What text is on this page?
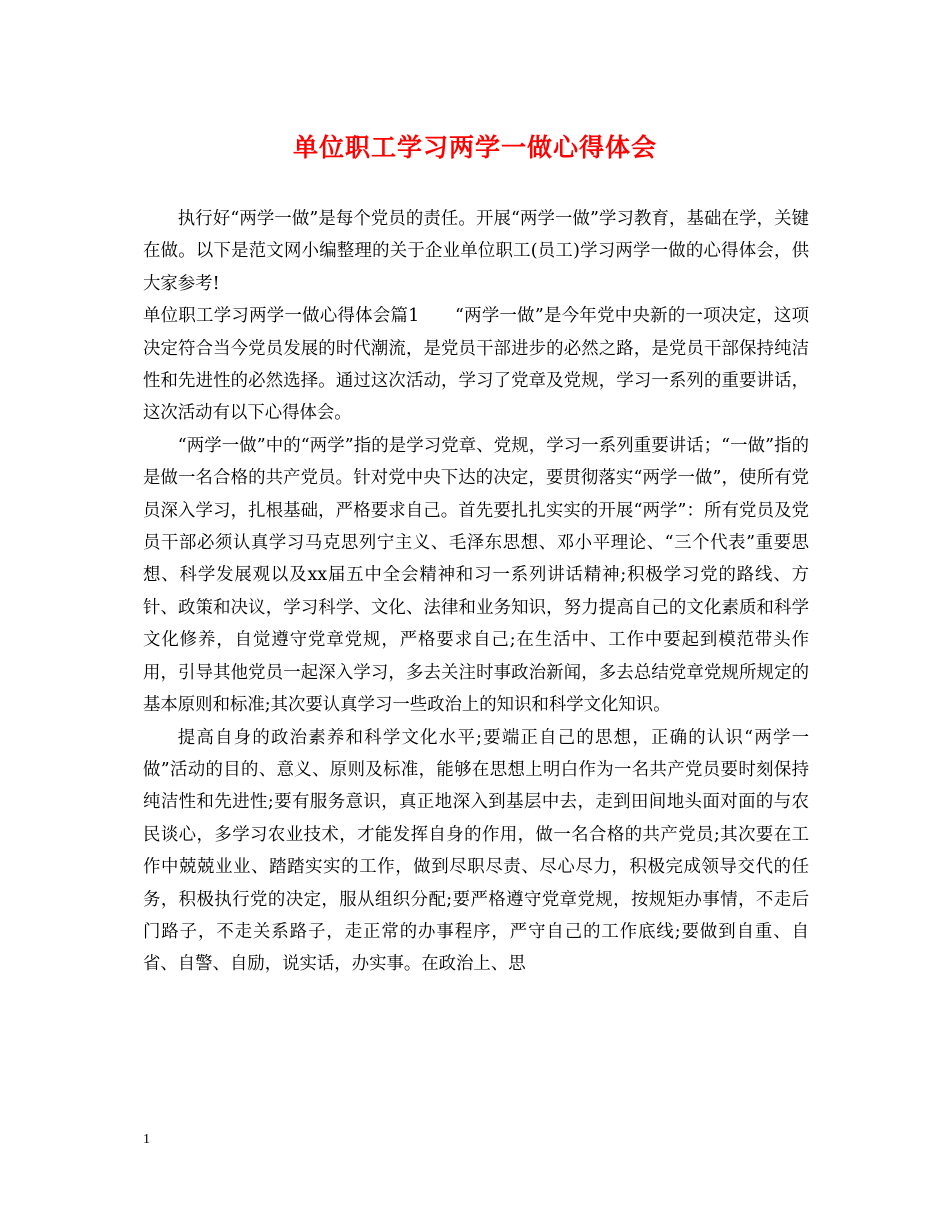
单位职工学习两学一做心得体会

执行好“两学一做”是每个党员的责任。开展“两学一做”学习教育，基础在学，关键在做。以下是范文网小编整理的关于企业单位职工(员工)学习两学一做的心得体会，供大家参考!

单位职工学习两学一做心得体会篇1　　“两学一做”是今年党中央新的一项决定，这项决定符合当今党员发展的时代潮流，是党员干部进步的必然之路，是党员干部保持纯洁性和先进性的必然选择。通过这次活动，学习了党章及党规，学习一系列的重要讲话，这次活动有以下心得体会。

“两学一做”中的“两学”指的是学习党章、党规，学习一系列重要讲话；“一做”指的是做一名合格的共产党员。针对党中央下达的决定，要贯彻落实“两学一做”，使所有党员深入学习，扎根基础，严格要求自己。首先要扎扎实实的开展“两学”：所有党员及党员干部必须认真学习马克思列宁主义、毛泽东思想、邓小平理论、“三个代表”重要思想、科学发展观以及xx届五中全会精神和习一系列讲话精神;积极学习党的路线、方针、政策和决议，学习科学、文化、法律和业务知识，努力提高自己的文化素质和科学文化修养，自觉遵守党章党规，严格要求自己;在生活中、工作中要起到模范带头作用，引导其他党员一起深入学习，多去关注时事政治新闻，多去总结党章党规所规定的基本原则和标准;其次要认真学习一些政治上的知识和科学文化知识。

提高自身的政治素养和科学文化水平;要端正自己的思想，正确的认识“两学一做”活动的目的、意义、原则及标准，能够在思想上明白作为一名共产党员要时刻保持纯洁性和先进性;要有服务意识，真正地深入到基层中去，走到田间地头面对面的与农民谈心，多学习农业技术，才能发挥自身的作用，做一名合格的共产党员;其次要在工作中兢兢业业、踏踏实实的工作，做到尽职尽责、尽心尽力，积极完成领导交代的任务，积极执行党的决定，服从组织分配;要严格遵守党章党规，按规矩办事情，不走后门路子，不走关系路子，走正常的办事程序，严守自己的工作底线;要做到自重、自省、自警、自励，说实话，办实事。在政治上、思

1
